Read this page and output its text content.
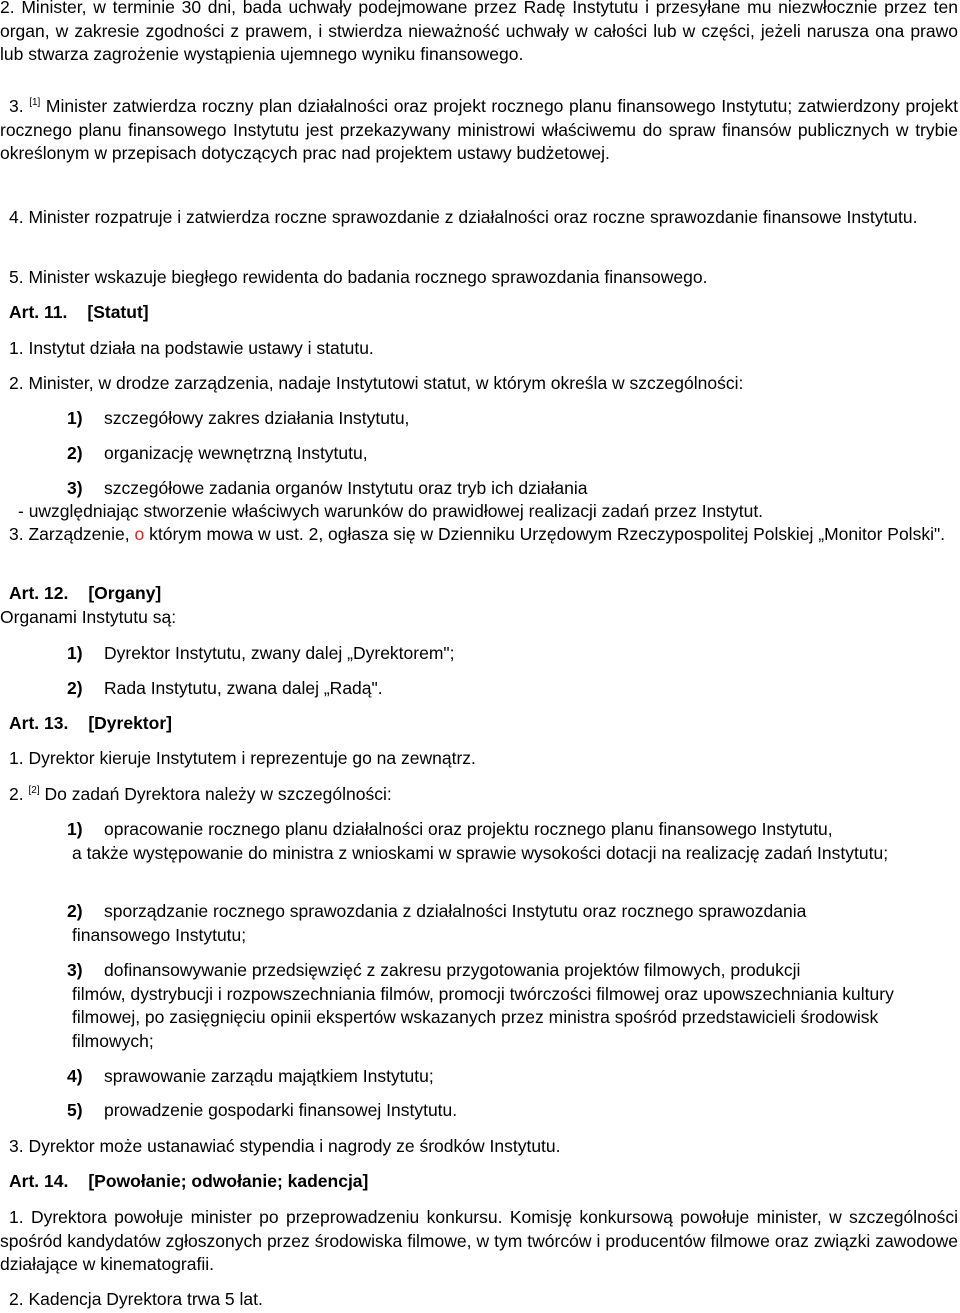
2. Minister, w terminie 30 dni, bada uchwały podejmowane przez Radę Instytutu i przesyłane mu niezwłocznie przez ten organ, w zakresie zgodności z prawem, i stwierdza nieważność uchwały w całości lub w części, jeżeli narusza ona prawo lub stwarza zagrożenie wystąpienia ujemnego wyniku finansowego.

3. [1] Minister zatwierdza roczny plan działalności oraz projekt rocznego planu finansowego Instytutu; zatwierdzony projekt rocznego planu finansowego Instytutu jest przekazywany ministrowi właściwemu do spraw finansów publicznych w trybie określonym w przepisach dotyczących prac nad projektem ustawy budżetowej.

4. Minister rozpatruje i zatwierdza roczne sprawozdanie z działalności oraz roczne sprawozdanie finansowe Instytutu.

5. Minister wskazuje biegłego rewidenta do badania rocznego sprawozdania finansowego.

Art. 11. [Statut]

1. Instytut działa na podstawie ustawy i statutu.

2. Minister, w drodze zarządzenia, nadaje Instytutowi statut, w którym określa w szczególności:

1) szczegółowy zakres działania Instytutu,
2) organizację wewnętrzną Instytutu,
3) szczegółowe zadania organów Instytutu oraz tryb ich działania

- uwzględniając stworzenie właściwych warunków do prawidłowej realizacji zadań przez Instytut.

3. Zarządzenie, o którym mowa w ust. 2, ogłasza się w Dzienniku Urzędowym Rzeczypospolitej Polskiej „Monitor Polski".

Art. 12. [Organy]

Organami Instytutu są:

1) Dyrektor Instytutu, zwany dalej „Dyrektorem";
2) Rada Instytutu, zwana dalej „Radą".

Art. 13. [Dyrektor]

1. Dyrektor kieruje Instytutem i reprezentuje go na zewnątrz.

2. [2] Do zadań Dyrektora należy w szczególności:

1) opracowanie rocznego planu działalności oraz projektu rocznego planu finansowego Instytutu,
a także występowanie do ministra z wnioskami w sprawie wysokości dotacji na realizację zadań Instytutu;
2) sporządzanie rocznego sprawozdania z działalności Instytutu oraz rocznego sprawozdania
finansowego Instytutu;
3) dofinansowywanie przedsięwzięć z zakresu przygotowania projektów filmowych, produkcji
filmów, dystrybucji i rozpowszechniania filmów, promocji twórczości filmowej oraz upowszechniania kultury filmowej, po zasięgnięciu opinii ekspertów wskazanych przez ministra spośród przedstawicieli środowisk filmowych;
4) sprawowanie zarządu majątkiem Instytutu;
5) prowadzenie gospodarki finansowej Instytutu.

3. Dyrektor może ustanawiać stypendia i nagrody ze środków Instytutu.

Art. 14. [Powołanie; odwołanie; kadencja]

1. Dyrektora powołuje minister po przeprowadzeniu konkursu. Komisję konkursową powołuje minister, w szczególności spośród kandydatów zgłoszonych przez środowiska filmowe, w tym twórców i producentów filmowe oraz związki zawodowe działające w kinematografii.

2. Kadencja Dyrektora trwa 5 lat.
